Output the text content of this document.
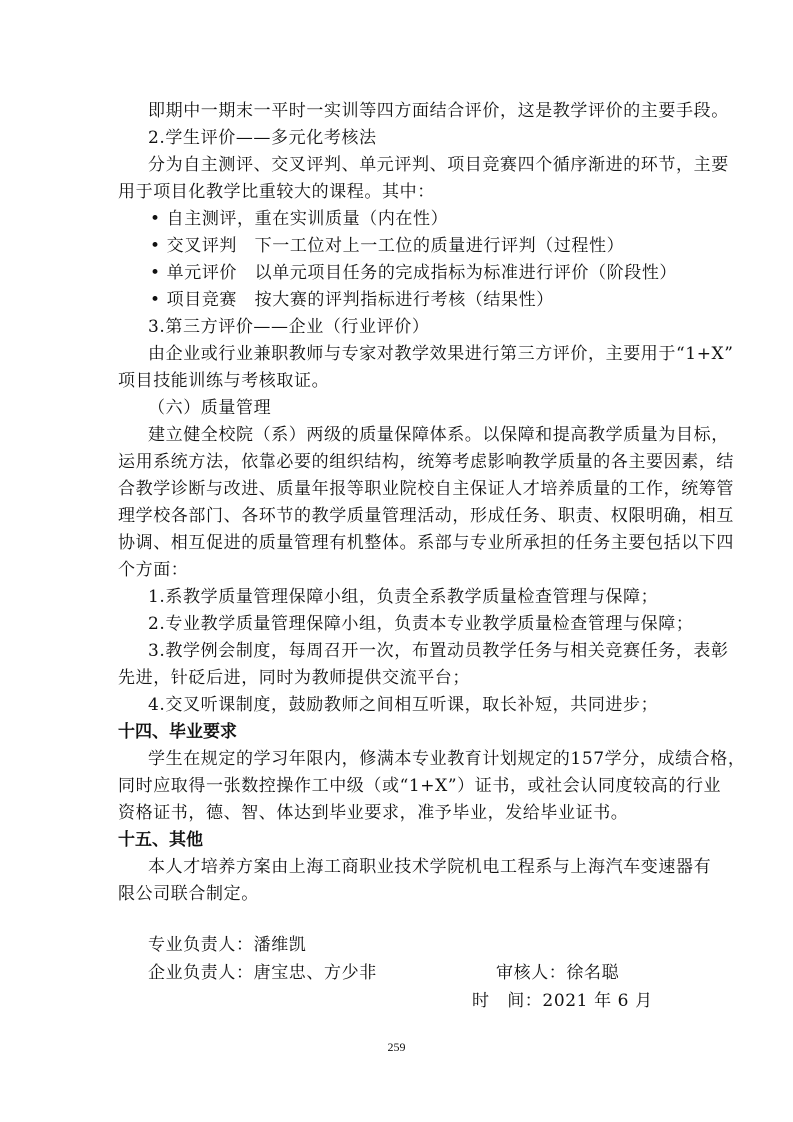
即期中一期末一平时一实训等四方面结合评价，这是教学评价的主要手段。
2.学生评价——多元化考核法
分为自主测评、交叉评判、单元评判、项目竞赛四个循序渐进的环节，主要
用于项目化教学比重较大的课程。其中：
• 自主测评，重在实训质量（内在性）
• 交叉评判　下一工位对上一工位的质量进行评判（过程性）
• 单元评价　以单元项目任务的完成指标为标准进行评价（阶段性）
• 项目竞赛　按大赛的评判指标进行考核（结果性）
3.第三方评价——企业（行业评价）
由企业或行业兼职教师与专家对教学效果进行第三方评价，主要用于“1+X”
项目技能训练与考核取证。
（六）质量管理
建立健全校院（系）两级的质量保障体系。以保障和提高教学质量为目标，
运用系统方法，依靠必要的组织结构，统筹考虑影响教学质量的各主要因素，结
合教学诊断与改进、质量年报等职业院校自主保证人才培养质量的工作，统筹管
理学校各部门、各环节的教学质量管理活动，形成任务、职责、权限明确，相互
协调、相互促进的质量管理有机整体。系部与专业所承担的任务主要包括以下四
个方面：
1.系教学质量管理保障小组，负责全系教学质量检查管理与保障；
2.专业教学质量管理保障小组，负责本专业教学质量检查管理与保障；
3.教学例会制度，每周召开一次，布置动员教学任务与相关竞赛任务，表彰
先进，针砭后进，同时为教师提供交流平台；
4.交叉听课制度，鼓励教师之间相互听课，取长补短，共同进步；
十四、毕业要求
学生在规定的学习年限内，修满本专业教育计划规定的157学分，成绩合格，
同时应取得一张数控操作工中级（或“1+X”）证书，或社会认同度较高的行业
资格证书，德、智、体达到毕业要求，准予毕业，发给毕业证书。
十五、其他
本人才培养方案由上海工商职业技术学院机电工程系与上海汽车变速器有
限公司联合制定。
专业负责人：潘维凯
企业负责人：唐宝忠、方少非	审核人：徐名聪
时　间：2021 年 6 月
259
